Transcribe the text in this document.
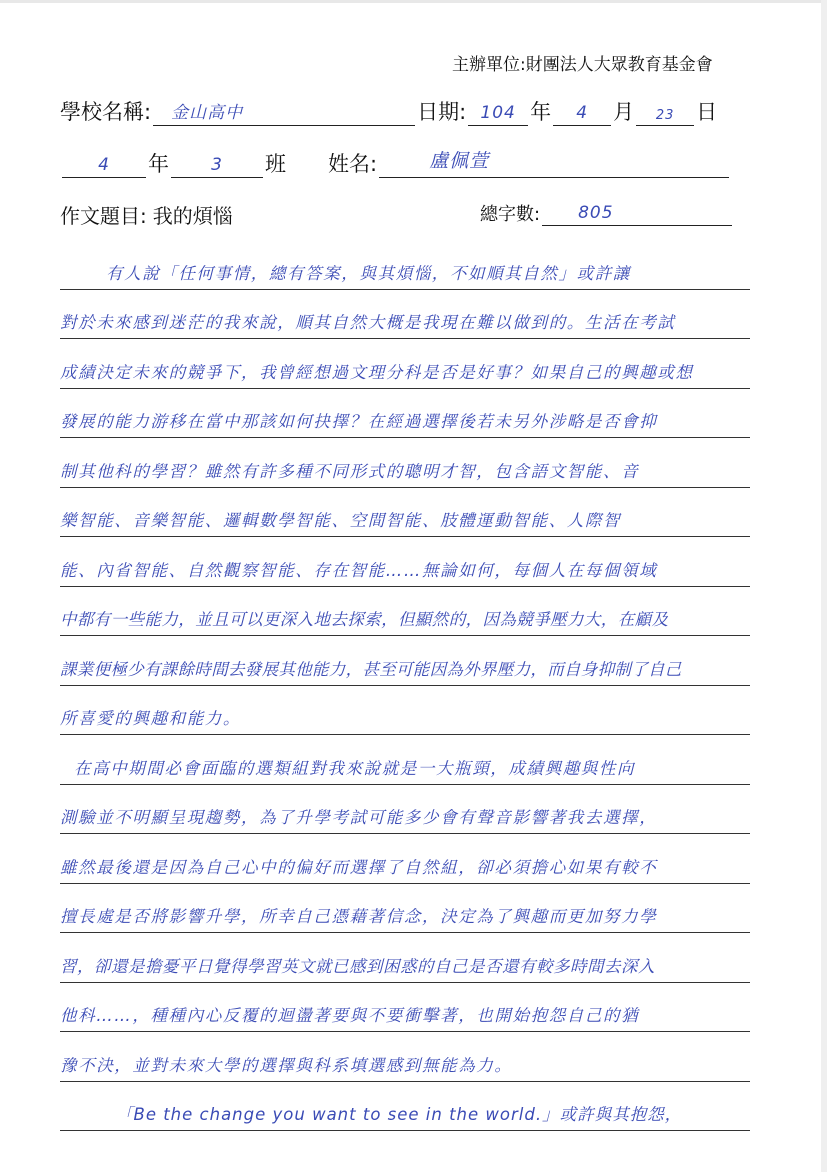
主辦單位:財團法人大眾教育基金會
學校名稱: 金山高中	日期: 104 年	4	月	23	日
4	年	3	班 姓名:	盧佩萱
作文題目: 我的煩惱	總字數: 805
有人說「任何事情，總有答案，與其煩惱，不如順其自然」或許讓
對於未來感到迷茫的我來說，順其自然大概是我現在難以做到的。生活在考試
成績決定未來的競爭下，我曾經想過文理分科是否是好事？如果自己的興趣或想
發展的能力游移在當中那該如何抉擇？在經過選擇後若未另外涉略是否會抑
制其他科的學習？雖然有許多種不同形式的聰明才智，包含語文智能、音
樂智能、音樂智能、邏輯數學智能、空間智能、肢體運動智能、人際智
能、內省智能、自然觀察智能、存在智能……無論如何，每個人在每個領域
中都有一些能力，並且可以更深入地去探索，但顯然的，因為競爭壓力大，在顧及
課業便極少有課餘時間去發展其他能力，甚至可能因為外界壓力，而自身抑制了自己
所喜愛的興趣和能力。
在高中期間必會面臨的選類組對我來說就是一大瓶頸，成績興趣與性向
測驗並不明顯呈現趨勢，為了升學考試可能多少會有聲音影響著我去選擇，
雖然最後還是因為自己心中的偏好而選擇了自然組，卻必須擔心如果有較不
擅長處是否將影響升學，所幸自己憑藉著信念，決定為了興趣而更加努力學
習，卻還是擔憂平日覺得學習英文就已感到困惑的自己是否還有較多時間去深入
他科……，種種內心反覆的迴盪著要與不要衝擊著，也開始抱怨自己的猶
豫不決，並對未來大學的選擇與科系填選感到無能為力。
「Be the change you want to see in the world.」或許與其抱怨，
